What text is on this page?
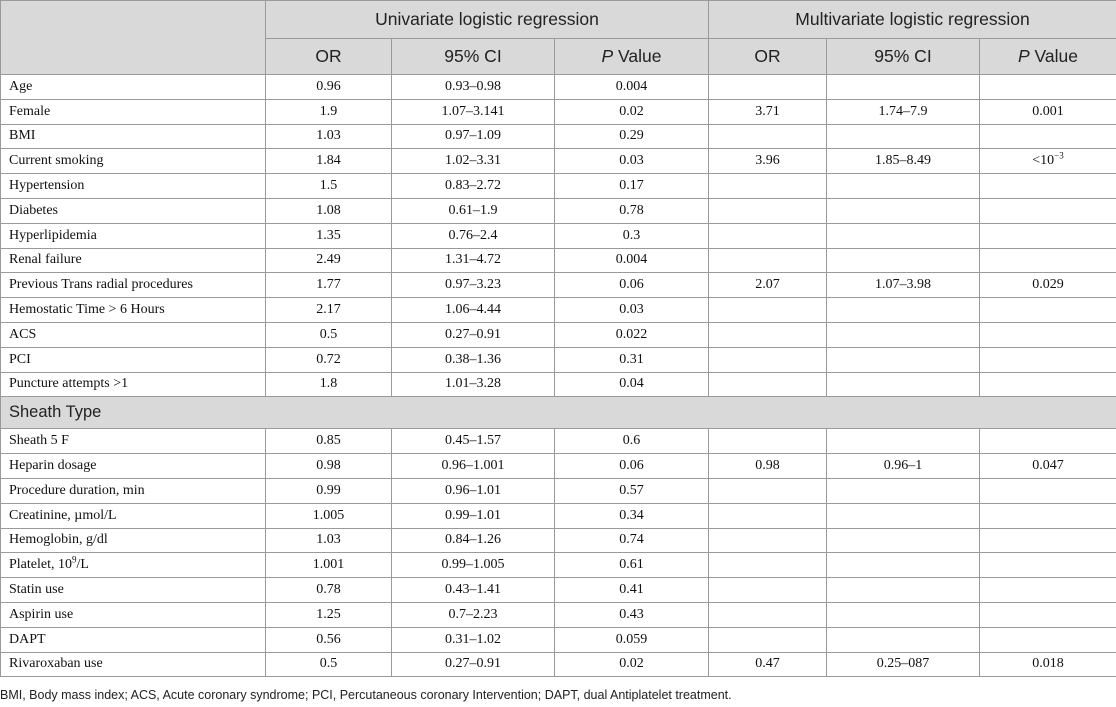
	Univariate logistic regression			Multivariate logistic regression		
	OR	95% CI	P Value	OR	95% CI	P Value
Age	0.96	0.93–0.98	0.004			
Female	1.9	1.07–3.141	0.02	3.71	1.74–7.9	0.001
BMI	1.03	0.97–1.09	0.29			
Current smoking	1.84	1.02–3.31	0.03	3.96	1.85–8.49	$<10^{-3}$
Hypertension	1.5	0.83–2.72	0.17			
Diabetes	1.08	0.61–1.9	0.78			
Hyperlipidemia	1.35	0.76–2.4	0.3			
Renal failure	2.49	1.31–4.72	0.004			
Previous Trans radial procedures	1.77	0.97–3.23	0.06	2.07	1.07–3.98	0.029
Hemostatic Time > 6 Hours	2.17	1.06–4.44	0.03			
ACS	0.5	0.27–0.91	0.022			
PCI	0.72	0.38–1.36	0.31			
Puncture attempts >1	1.8	1.01–3.28	0.04			
Sheath Type						
Sheath 5 F	0.85	0.45–1.57	0.6			
Heparin dosage	0.98	0.96–1.001	0.06	0.98	0.96–1	0.047
Procedure duration, min	0.99	0.96–1.01	0.57			
Creatinine, µmol/L	1.005	0.99–1.01	0.34			
Hemoglobin, g/dl	1.03	0.84–1.26	0.74			
Platelet, $10^9/L$	1.001	0.99–1.005	0.61			
Statin use	0.78	0.43–1.41	0.41			
Aspirin use	1.25	0.7–2.23	0.43			
DAPT	0.56	0.31–1.02	0.059			
Rivaroxaban use	0.5	0.27–0.91	0.02	0.47	0.25–087	0.018
BMI, Body mass index; ACS, Acute coronary syndrome; PCI, Percutaneous coronary Intervention; DAPT, dual Antiplatelet treatment.
